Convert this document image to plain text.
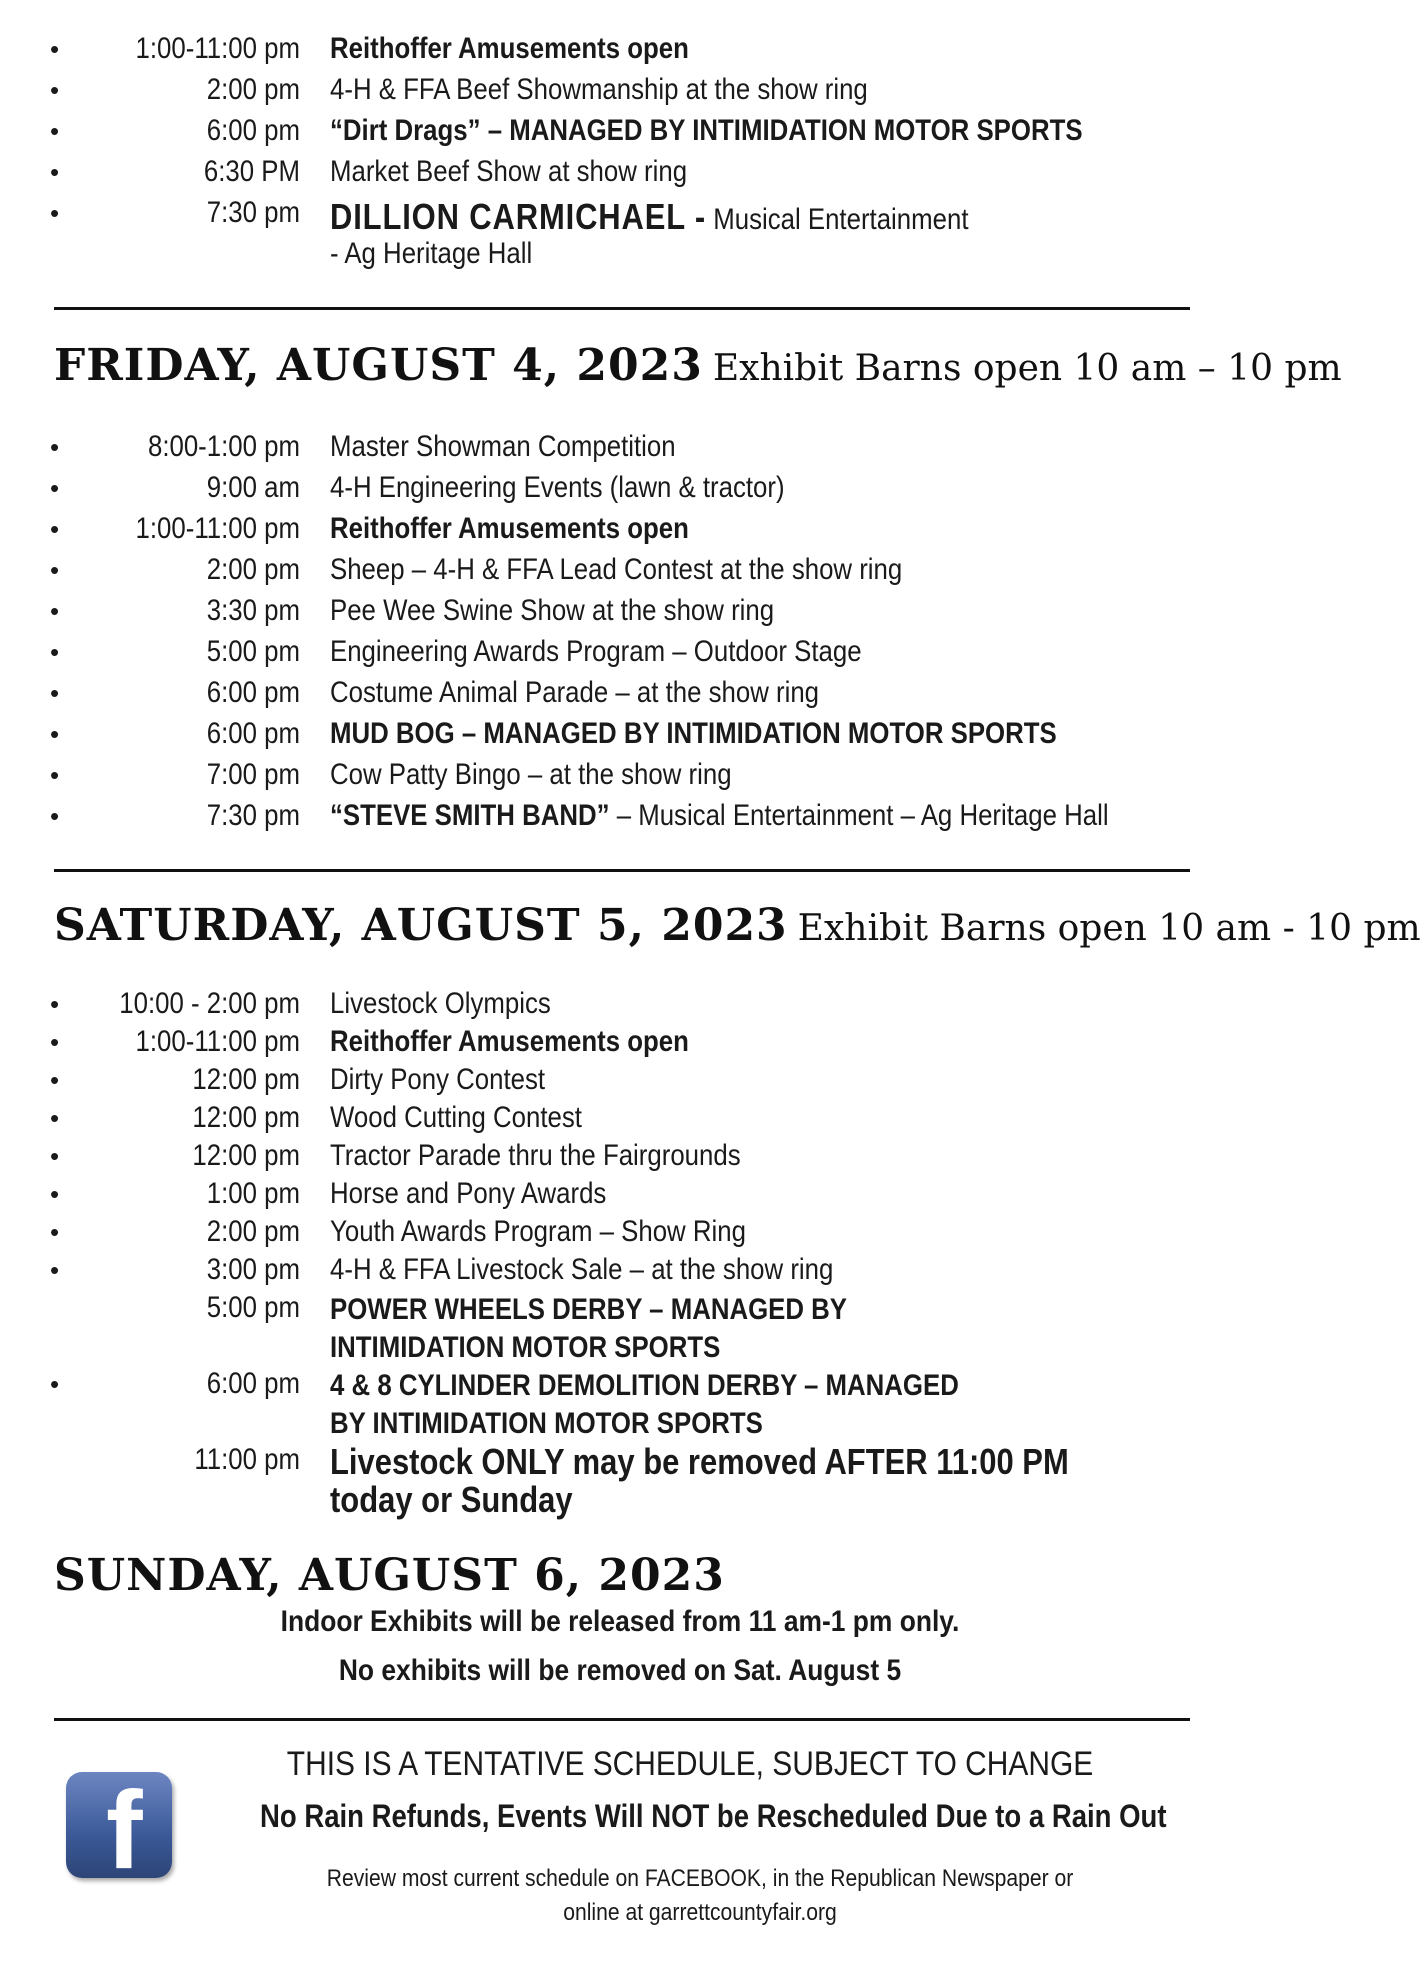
•	1:00-11:00 pm Reithoffer Amusements open
•	2:00 pm 4-H & FFA Beef Showmanship at the show ring
•	6:00 pm “Dirt Drags” – MANAGED BY INTIMIDATION MOTOR SPORTS
•	6:30 PM Market Beef Show at show ring
•	7:30 pm DILLION CARMICHAEL - Musical Entertainment
- Ag Heritage Hall
FRIDAY, AUGUST 4, 2023 Exhibit Barns open 10 am – 10 pm
•	8:00-1:00 pm Master Showman Competition
•	9:00 am 4-H Engineering Events (lawn & tractor)
•	1:00-11:00 pm Reithoffer Amusements open
•	2:00 pm Sheep – 4-H & FFA Lead Contest at the show ring
•	3:30 pm Pee Wee Swine Show at the show ring
•	5:00 pm Engineering Awards Program – Outdoor Stage
•	6:00 pm Costume Animal Parade – at the show ring
•	6:00 pm MUD BOG – MANAGED BY INTIMIDATION MOTOR SPORTS
•	7:00 pm Cow Patty Bingo – at the show ring
•	7:30 pm “STEVE SMITH BAND” – Musical Entertainment – Ag Heritage Hall
SATURDAY, AUGUST 5, 2023 Exhibit Barns open 10 am - 10 pm
•	10:00 - 2:00 pm Livestock Olympics
•	1:00-11:00 pm Reithoffer Amusements open
•	12:00 pm Dirty Pony Contest
•	12:00 pm Wood Cutting Contest
•	12:00 pm Tractor Parade thru the Fairgrounds
•	1:00 pm Horse and Pony Awards
•	2:00 pm Youth Awards Program – Show Ring
•	3:00 pm 4-H & FFA Livestock Sale – at the show ring
5:00 pm POWER WHEELS DERBY – MANAGED BY INTIMIDATION MOTOR SPORTS
•	6:00 pm 4 & 8 CYLINDER DEMOLITION DERBY – MANAGED BY INTIMIDATION MOTOR SPORTS
11:00 pm Livestock ONLY may be removed AFTER 11:00 PM today or Sunday
SUNDAY, AUGUST 6, 2023
Indoor Exhibits will be released from 11 am-1 pm only.
No exhibits will be removed on Sat. August 5
f
THIS IS A TENTATIVE SCHEDULE, SUBJECT TO CHANGE
No Rain Refunds, Events Will NOT be Rescheduled Due to a Rain Out
Review most current schedule on FACEBOOK, in the Republican Newspaper or
online at garrettcountyfair.org
